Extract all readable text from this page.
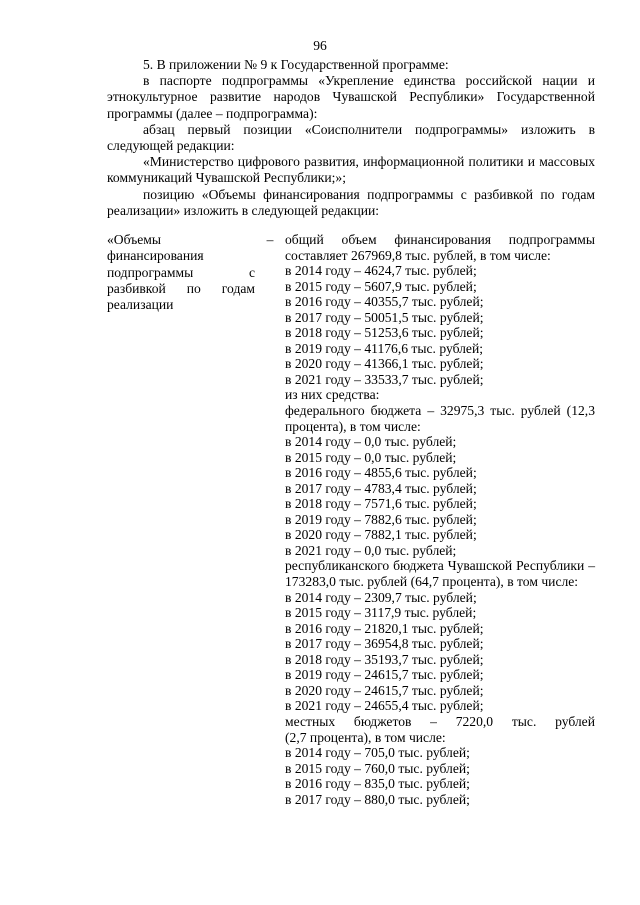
96

5. В приложении № 9 к Государственной программе:

в паспорте подпрограммы «Укрепление единства российской нации и этнокультурное развитие народов Чувашской Республики» Государственной программы (далее – подпрограмма):

абзац первый позиции «Соисполнители подпрограммы» изложить в следующей редакции:

«Министерство цифрового развития, информационной политики и массовых коммуникаций Чувашской Республики;»;

позицию «Объемы финансирования подпрограммы с разбивкой по годам реализации» изложить в следующей редакции:

«Объемы финансирования подпрограммы с разбивкой по годам реализации
– общий объем финансирования подпрограммы составляет 267969,8 тыс. рублей, в том числе:
в 2014 году – 4624,7 тыс. рублей;
в 2015 году – 5607,9 тыс. рублей;
в 2016 году – 40355,7 тыс. рублей;
в 2017 году – 50051,5 тыс. рублей;
в 2018 году – 51253,6 тыс. рублей;
в 2019 году – 41176,6 тыс. рублей;
в 2020 году – 41366,1 тыс. рублей;
в 2021 году – 33533,7 тыс. рублей;
из них средства:
федерального бюджета – 32975,3 тыс. рублей (12,3 процента), в том числе:
в 2014 году – 0,0 тыс. рублей;
в 2015 году – 0,0 тыс. рублей;
в 2016 году – 4855,6 тыс. рублей;
в 2017 году – 4783,4 тыс. рублей;
в 2018 году – 7571,6 тыс. рублей;
в 2019 году – 7882,6 тыс. рублей;
в 2020 году – 7882,1 тыс. рублей;
в 2021 году – 0,0 тыс. рублей;
республиканского бюджета Чувашской Республики – 173283,0 тыс. рублей (64,7 процента), в том числе:
в 2014 году – 2309,7 тыс. рублей;
в 2015 году – 3117,9 тыс. рублей;
в 2016 году – 21820,1 тыс. рублей;
в 2017 году – 36954,8 тыс. рублей;
в 2018 году – 35193,7 тыс. рублей;
в 2019 году – 24615,7 тыс. рублей;
в 2020 году – 24615,7 тыс. рублей;
в 2021 году – 24655,4 тыс. рублей;
местных бюджетов – 7220,0 тыс. рублей
(2,7 процента), в том числе:
в 2014 году – 705,0 тыс. рублей;
в 2015 году – 760,0 тыс. рублей;
в 2016 году – 835,0 тыс. рублей;
в 2017 году – 880,0 тыс. рублей;
